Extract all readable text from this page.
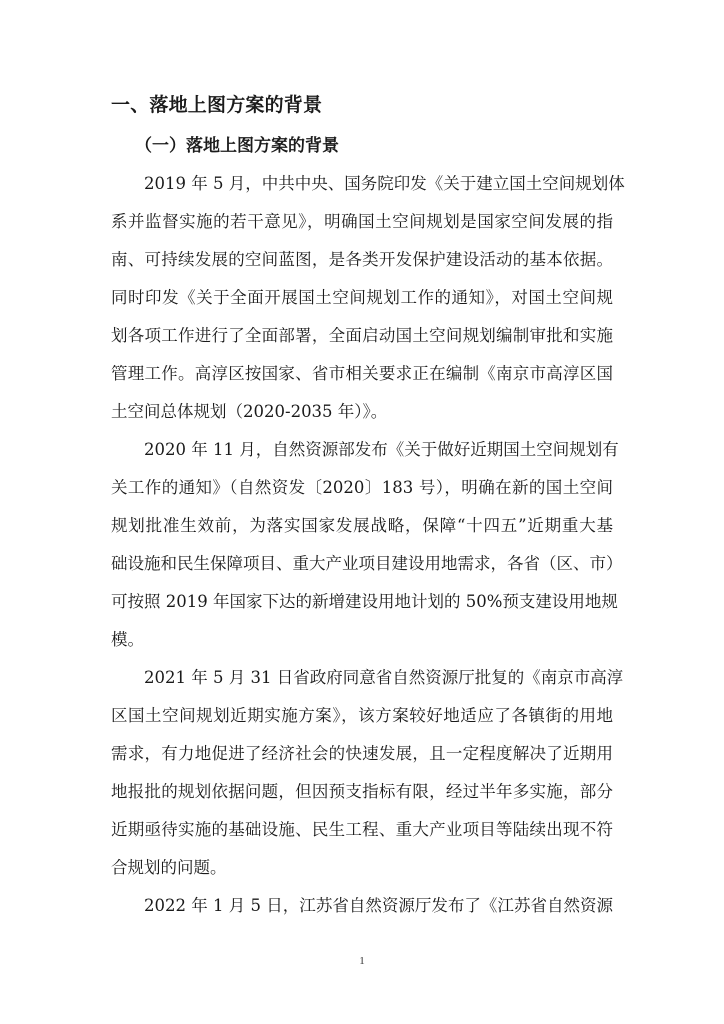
一、落地上图方案的背景
（一）落地上图方案的背景
2019 年 5 月，中共中央、国务院印发《关于建立国土空间规划体
系并监督实施的若干意见》，明确国土空间规划是国家空间发展的指
南、可持续发展的空间蓝图，是各类开发保护建设活动的基本依据。
同时印发《关于全面开展国土空间规划工作的通知》，对国土空间规
划各项工作进行了全面部署，全面启动国土空间规划编制审批和实施
管理工作。高淳区按国家、省市相关要求正在编制《南京市高淳区国
土空间总体规划（2020-2035 年）》。
2020 年 11 月，自然资源部发布《关于做好近期国土空间规划有
关工作的通知》（自然资发〔2020〕183 号），明确在新的国土空间
规划批准生效前，为落实国家发展战略，保障“十四五”近期重大基
础设施和民生保障项目、重大产业项目建设用地需求，各省（区、市）
可按照 2019 年国家下达的新增建设用地计划的 50%预支建设用地规
模。
2021 年 5 月 31 日省政府同意省自然资源厅批复的《南京市高淳
区国土空间规划近期实施方案》，该方案较好地适应了各镇街的用地
需求，有力地促进了经济社会的快速发展，且一定程度解决了近期用
地报批的规划依据问题，但因预支指标有限，经过半年多实施，部分
近期亟待实施的基础设施、民生工程、重大产业项目等陆续出现不符
合规划的问题。
2022 年 1 月 5 日，江苏省自然资源厅发布了《江苏省自然资源
1
